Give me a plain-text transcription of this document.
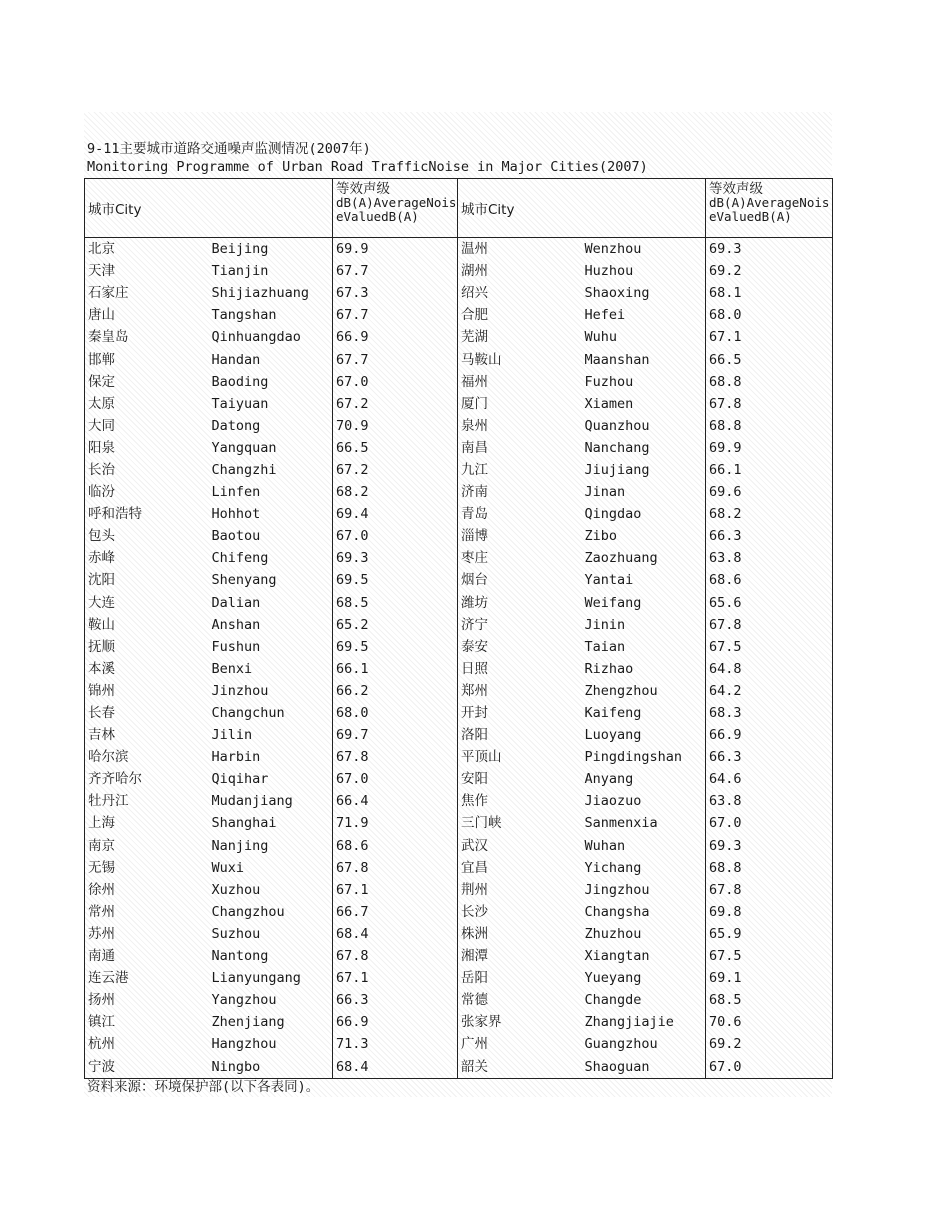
9-11主要城市道路交通噪声监测情况(2007年)
Monitoring Programme of Urban Road TrafficNoise in Major Cities(2007)
城市City		等效声级
dB(A)AverageNoiseValuedB(A)	城市City		等效声级
dB(A)AverageNoiseValuedB(A)
北京	Beijing	69.9	温州	Wenzhou	69.3
天津	Tianjin	67.7	湖州	Huzhou	69.2
石家庄	Shijiazhuang	67.3	绍兴	Shaoxing	68.1
唐山	Tangshan	67.7	合肥	Hefei	68.0
秦皇岛	Qinhuangdao	66.9	芜湖	Wuhu	67.1
邯郸	Handan	67.7	马鞍山	Maanshan	66.5
保定	Baoding	67.0	福州	Fuzhou	68.8
太原	Taiyuan	67.2	厦门	Xiamen	67.8
大同	Datong	70.9	泉州	Quanzhou	68.8
阳泉	Yangquan	66.5	南昌	Nanchang	69.9
长治	Changzhi	67.2	九江	Jiujiang	66.1
临汾	Linfen	68.2	济南	Jinan	69.6
呼和浩特	Hohhot	69.4	青岛	Qingdao	68.2
包头	Baotou	67.0	淄博	Zibo	66.3
赤峰	Chifeng	69.3	枣庄	Zaozhuang	63.8
沈阳	Shenyang	69.5	烟台	Yantai	68.6
大连	Dalian	68.5	潍坊	Weifang	65.6
鞍山	Anshan	65.2	济宁	Jinin	67.8
抚顺	Fushun	69.5	泰安	Taian	67.5
本溪	Benxi	66.1	日照	Rizhao	64.8
锦州	Jinzhou	66.2	郑州	Zhengzhou	64.2
长春	Changchun	68.0	开封	Kaifeng	68.3
吉林	Jilin	69.7	洛阳	Luoyang	66.9
哈尔滨	Harbin	67.8	平顶山	Pingdingshan	66.3
齐齐哈尔	Qiqihar	67.0	安阳	Anyang	64.6
牡丹江	Mudanjiang	66.4	焦作	Jiaozuo	63.8
上海	Shanghai	71.9	三门峡	Sanmenxia	67.0
南京	Nanjing	68.6	武汉	Wuhan	69.3
无锡	Wuxi	67.8	宜昌	Yichang	68.8
徐州	Xuzhou	67.1	荆州	Jingzhou	67.8
常州	Changzhou	66.7	长沙	Changsha	69.8
苏州	Suzhou	68.4	株洲	Zhuzhou	65.9
南通	Nantong	67.8	湘潭	Xiangtan	67.5
连云港	Lianyungang	67.1	岳阳	Yueyang	69.1
扬州	Yangzhou	66.3	常德	Changde	68.5
镇江	Zhenjiang	66.9	张家界	Zhangjiajie	70.6
杭州	Hangzhou	71.3	广州	Guangzhou	69.2
宁波	Ningbo	68.4	韶关	Shaoguan	67.0
资料来源：环境保护部(以下各表同)。
